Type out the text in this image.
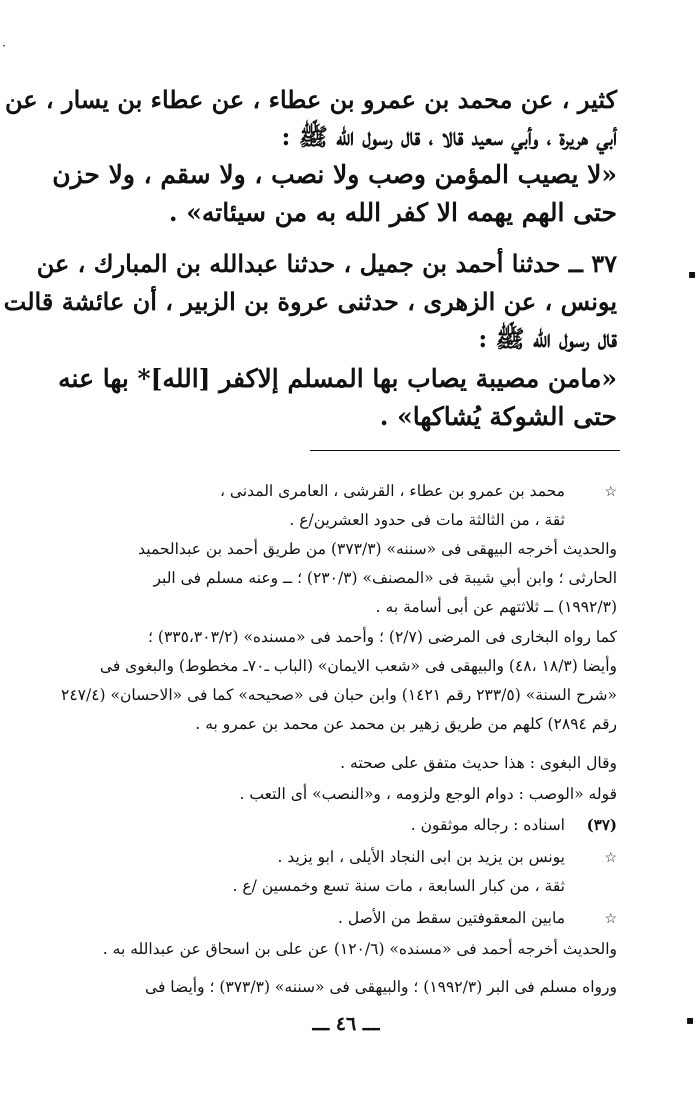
كثير ، عن محمد بن عمرو بن عطاء ، عن عطاء بن يسار ، عن
أبي هريرة ، وأبي سعيد قالا ، قال رسول الله ﷺ :
«لا يصيب المؤمن وصب ولا نصب ، ولا سقم ، ولا حزن
حتى الهم يهمه الا كفر الله به من سيئاته» .
٣٧ ــ حدثنا أحمد بن جميل ، حدثنا عبدالله بن المبارك ، عن
يونس ، عن الزهرى ، حدثنى عروة بن الزبير ، أن عائشة قالت
قال رسول الله ﷺ :
«مامن مصيبة يصاب بها المسلم إلاكفر [الله]* بها عنه
حتى الشوكة يُشاكها» .
☆
محمد بن عمرو بن عطاء ، القرشى ، العامرى المدنى ،
ثقة ، من الثالثة مات فى حدود العشرين/ع .
والحديث أخرجه البيهقى فى «سننه» (٣٧٣/٣) من طريق أحمد بن عبدالحميد
الحارثى ؛ وابن أبي شيبة فى «المصنف» (٢٣٠/٣) ؛ ــ وعنه مسلم فى البر
(١٩٩٢/٣) ــ ثلاثتهم عن أبى أسامة به .
كما رواه البخارى فى المرضى (٢/٧) ؛ وأحمد فى «مسنده» (٣٣٥،٣٠٣/٢) ؛
وأيضا (١٨/٣ ،٤٨) والبيهقى فى «شعب الايمان» (الباب ـ٧٠ـ مخطوط) والبغوى فى
«شرح السنة» (٢٣٣/٥ رقم ١٤٢١) وابن حبان فى «صحيحه» كما فى «الاحسان» (٢٤٧/٤
رقم ٢٨٩٤) كلهم من طريق زهير بن محمد عن محمد بن عمرو به .
وقال البغوى : هذا حديث متفق على صحته .
قوله «الوصب : دوام الوجع ولزومه ، و«النصب» أى التعب .
(٣٧)
اسناده : رجاله موثقون .
☆
يونس بن يزيد بن ابى النجاد الأيلى ، ابو يزيد .
ثقة ، من كبار السابعة ، مات سنة تسع وخمسين /ع .
☆
مابين المعقوفتين سقط من الأصل .
والحديث أخرجه أحمد فى «مسنده» (١٢٠/٦) عن على بن اسحاق عن عبدالله به .
ورواه مسلم فى البر (١٩٩٢/٣) ؛ والبيهقى فى «سننه» (٣٧٣/٣) ؛ وأيضا فى
ـــ ٤٦ ـــ
·
▪
▪
